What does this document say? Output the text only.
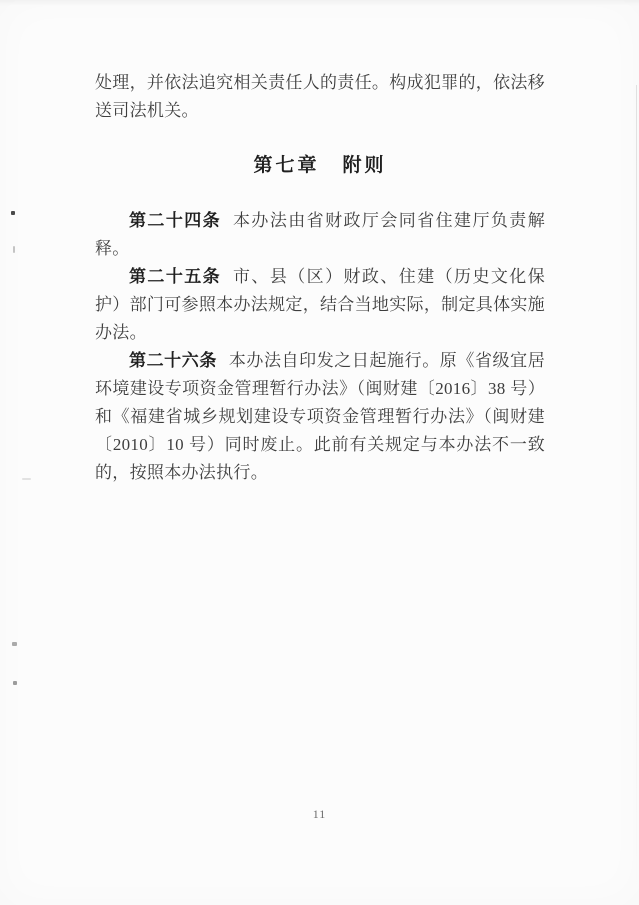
处理，并依法追究相关责任人的责任。构成犯罪的，依法移送司法机关。

第七章 附则

第二十四条 本办法由省财政厅会同省住建厅负责解释。

第二十五条 市、县（区）财政、住建（历史文化保护）部门可参照本办法规定，结合当地实际，制定具体实施办法。

第二十六条 本办法自印发之日起施行。原《省级宜居环境建设专项资金管理暂行办法》（闽财建〔2016〕38 号）和《福建省城乡规划建设专项资金管理暂行办法》（闽财建〔2010〕10 号）同时废止。此前有关规定与本办法不一致的，按照本办法执行。

11
